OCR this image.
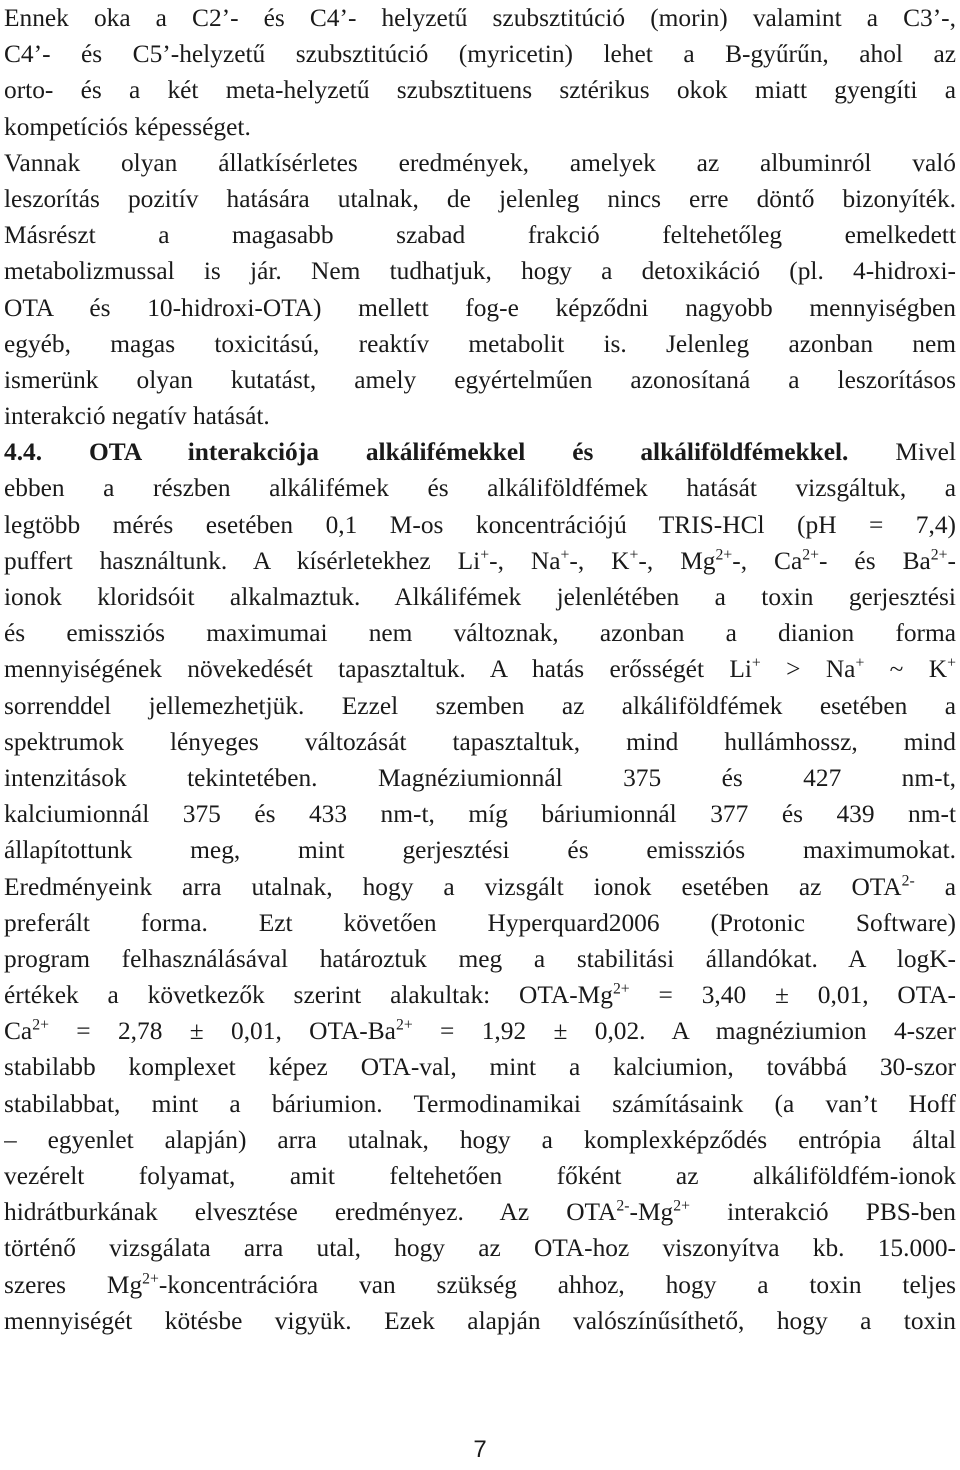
Ennek oka a C2’- és C4’- helyzetű szubsztitúció (morin) valamint a C3’-,
C4’- és C5’-helyzetű szubsztitúció (myricetin) lehet a B-gyűrűn, ahol az
orto- és a két meta-helyzetű szubsztituens sztérikus okok miatt gyengíti a
kompetíciós képességet.
Vannak olyan állatkísérletes eredmények, amelyek az albuminról való
leszorítás pozitív hatására utalnak, de jelenleg nincs erre döntő bizonyíték.
Másrészt a magasabb szabad frakció feltehetőleg emelkedett
metabolizmussal is jár. Nem tudhatjuk, hogy a detoxikáció (pl. 4-hidroxi-
OTA és 10-hidroxi-OTA) mellett fog-e képződni nagyobb mennyiségben
egyéb, magas toxicitású, reaktív metabolit is. Jelenleg azonban nem
ismerünk olyan kutatást, amely egyértelműen azonosítaná a leszorításos
interakció negatív hatását.
4.4. OTA interakciója alkálifémekkel és alkáliföldfémekkel. Mivel
ebben a részben alkálifémek és alkáliföldfémek hatását vizsgáltuk, a
legtöbb mérés esetében 0,1 M-os koncentrációjú TRIS-HCl (pH = 7,4)
puffert használtunk. A kísérletekhez Li+-, Na+-, K+-, $Mg^{2+}-$, $Ca^{2+}-$ és $Ba^{2+}-$
ionok kloridsóit alkalmaztuk. Alkálifémek jelenlétében a toxin gerjesztési
és emissziós maximumai nem változnak, azonban a dianion forma
mennyiségének növekedését tapasztaltuk. A hatás erősségét Li+ > Na+ ~ K+
sorrenddel jellemezhetjük. Ezzel szemben az alkáliföldfémek esetében a
spektrumok lényeges változását tapasztaltuk, mind hullámhossz, mind
intenzitások tekintetében. Magnéziumionnál 375 és 427 nm-t,
kalciumionnál 375 és 433 nm-t, míg báriumionnál 377 és 439 nm-t
állapítottunk meg, mint gerjesztési és emissziós maximumokat.
Eredményeink arra utalnak, hogy a vizsgált ionok esetében az $OTA^{2-}$ a
preferált forma. Ezt követően Hyperquard2006 (Protonic Software)
program felhasználásával határoztuk meg a stabilitási állandókat. A logK-
értékek a következők szerint alakultak: OTA-$Mg^{2+} = 3,40 \pm 0,01$, OTA-
$Ca^{2+} = 2,78 \pm 0,01$, OTA-$Ba^{2+} = 1,92 \pm 0,02$. A magnéziumion 4-szer
stabilabb komplexet képez OTA-val, mint a kalciumion, továbbá 30-szor
stabilabbat, mint a báriumion. Termodinamikai számításaink (a van’t Hoff
– egyenlet alapján) arra utalnak, hogy a komplexképződés entrópia által
vezérelt folyamat, amit feltehetően főként az alkáliföldfém-ionok
hidrátburkának elvesztése eredményez. Az $OTA^{2-}-Mg^{2+}$ interakció PBS-ben
történő vizsgálata arra utal, hogy az OTA-hoz viszonyítva kb. 15.000-
szeres $Mg^{2+}$-koncentrációra van szükség ahhoz, hogy a toxin teljes
mennyiségét kötésbe vigyük. Ezek alapján valószínűsíthető, hogy a toxin
7
